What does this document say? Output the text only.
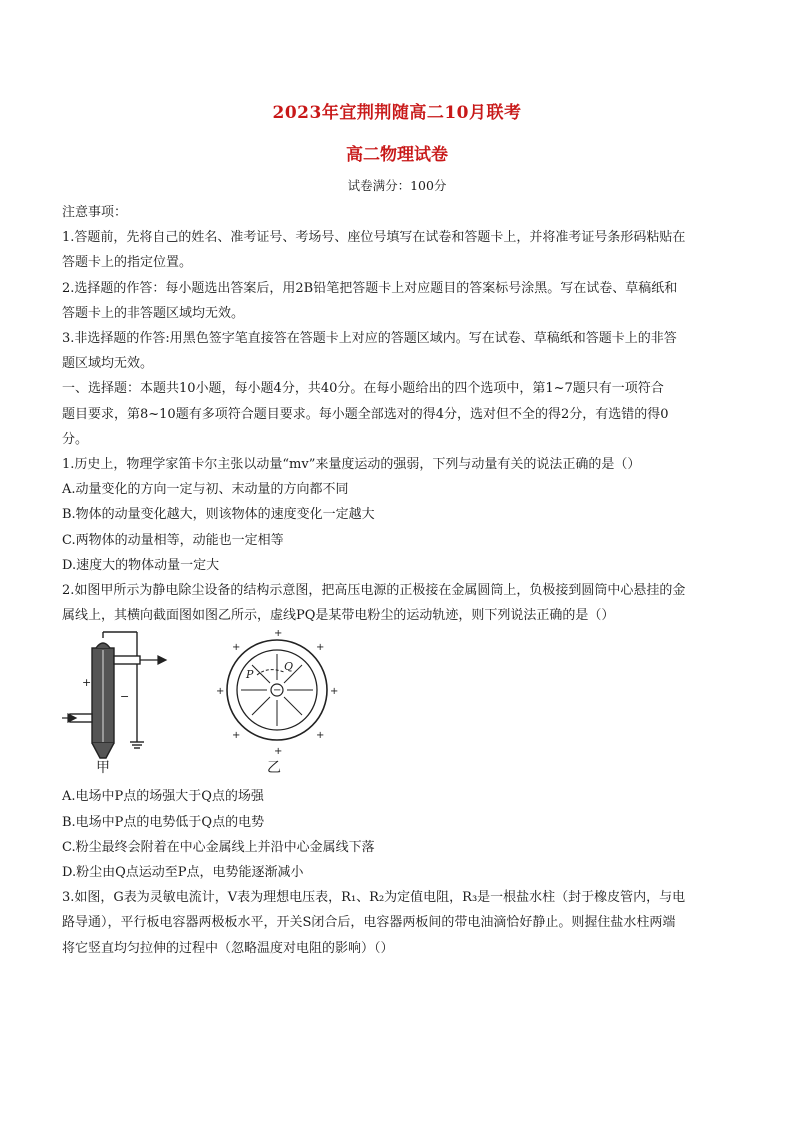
2023年宜荆荆随高二10月联考
高二物理试卷
试卷满分：100分

注意事项：

1.答题前，先将自己的姓名、准考证号、考场号、座位号填写在试卷和答题卡上，并将准考证号条形码粘贴在

答题卡上的指定位置。

2.选择题的作答：每小题选出答案后，用2B铅笔把答题卡上对应题目的答案标号涂黑。写在试卷、草稿纸和

答题卡上的非答题区域均无效。

3.非选择题的作答:用黑色签字笔直接答在答题卡上对应的答题区域内。写在试卷、草稿纸和答题卡上的非答

题区域均无效。

一、选择题：本题共10小题，每小题4分，共40分。在每小题给出的四个选项中，第1~7题只有一项符合

题目要求，第8~10题有多项符合题目要求。每小题全部选对的得4分，选对但不全的得2分，有选错的得0

分。

1.历史上，物理学家笛卡尔主张以动量“mv”来量度运动的强弱，下列与动量有关的说法正确的是（）

A.动量变化的方向一定与初、末动量的方向都不同

B.物体的动量变化越大，则该物体的速度变化一定越大

C.两物体的动量相等，动能也一定相等

D.速度大的物体动量一定大

2.如图甲所示为静电除尘设备的结构示意图，把高压电源的正极接在金属圆筒上，负极接到圆筒中心悬挂的金

属线上，其横向截面图如图乙所示，虚线PQ是某带电粉尘的运动轨迹，则下列说法正确的是（）

+
−
+
+
+	+
+	+
+	+
−
P
Q
甲	乙

A.电场中P点的场强大于Q点的场强

B.电场中P点的电势低于Q点的电势

C.粉尘最终会附着在中心金属线上并沿中心金属线下落

D.粉尘由Q点运动至P点，电势能逐渐减小

3.如图，G表为灵敏电流计，V表为理想电压表，R₁、R₂为定值电阻，R₃是一根盐水柱（封于橡皮管内，与电

路导通），平行板电容器两极板水平，开关S闭合后，电容器两板间的带电油滴恰好静止。则握住盐水柱两端

将它竖直均匀拉伸的过程中（忽略温度对电阻的影响）（）
